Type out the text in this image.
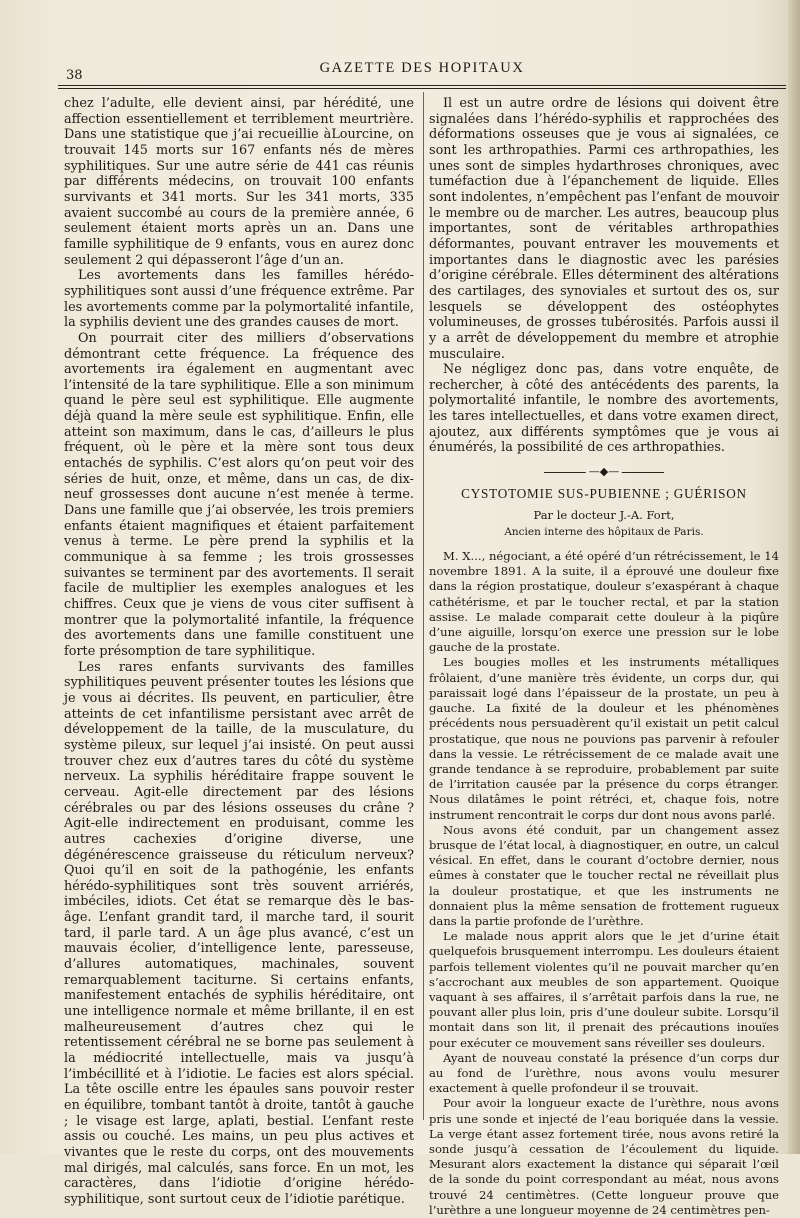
38	GAZETTE DES HOPITAUX

chez l’adulte, elle devient ainsi, par hérédité, une affection essentiellement et terriblement meurtrière. Dans une statistique que j’ai recueillie àLourcine, on trouvait 145 morts sur 167 enfants nés de mères syphilitiques. Sur une autre série de 441 cas réunis par différents médecins, on trouvait 100 enfants survivants et 341 morts. Sur les 341 morts, 335 avaient succombé au cours de la première année, 6 seulement étaient morts après un an. Dans une famille syphilitique de 9 enfants, vous en aurez donc seulement 2 qui dépasseront l’âge d’un an.

Les avortements dans les familles hérédo-syphilitiques sont aussi d’une fréquence extrême. Par les avortements comme par la polymortalité infantile, la syphilis devient une des grandes causes de mort.

On pourrait citer des milliers d’observations démontrant cette fréquence. La fréquence des avortements ira également en augmentant avec l’intensité de la tare syphilitique. Elle a son minimum quand le père seul est syphilitique. Elle augmente déjà quand la mère seule est syphilitique. Enfin, elle atteint son maximum, dans le cas, d’ailleurs le plus fréquent, où le père et la mère sont tous deux entachés de syphilis. C’est alors qu’on peut voir des séries de huit, onze, et même, dans un cas, de dix-neuf grossesses dont aucune n’est menée à terme. Dans une famille que j’ai observée, les trois premiers enfants étaient magnifiques et étaient parfaitement venus à terme. Le père prend la syphilis et la communique à sa femme ; les trois grossesses suivantes se terminent par des avortements. Il serait facile de multiplier les exemples analogues et les chiffres. Ceux que je viens de vous citer suffisent à montrer que la polymortalité infantile, la fréquence des avortements dans une famille constituent une forte présomption de tare syphilitique.

Les rares enfants survivants des familles syphilitiques peuvent présenter toutes les lésions que je vous ai décrites. Ils peuvent, en particulier, être atteints de cet infantilisme persistant avec arrêt de développement de la taille, de la musculature, du système pileux, sur lequel j’ai insisté. On peut aussi trouver chez eux d’autres tares du côté du système nerveux. La syphilis héréditaire frappe souvent le cerveau. Agit-elle directement par des lésions cérébrales ou par des lésions osseuses du crâne ? Agit-elle indirectement en produisant, comme les autres cachexies d’origine diverse, une dégénérescence graisseuse du réticulum nerveux? Quoi qu’il en soit de la pathogénie, les enfants hérédo-syphilitiques sont très souvent arriérés, imbéciles, idiots. Cet état se remarque dès le bas-âge. L’enfant grandit tard, il marche tard, il sourit tard, il parle tard. A un âge plus avancé, c’est un mauvais écolier, d’intelligence lente, paresseuse, d’allures automatiques, machinales, souvent remarquablement taciturne. Si certains enfants, manifestement entachés de syphilis héréditaire, ont une intelligence normale et même brillante, il en est malheureusement d’autres chez qui le retentissement cérébral ne se borne pas seulement à la médiocrité intellectuelle, mais va jusqu’à l’imbécillité et à l’idiotie. Le facies est alors spécial. La tête oscille entre les épaules sans pouvoir rester en équilibre, tombant tantôt à droite, tantôt à gauche ; le visage est large, aplati, bestial. L’enfant reste assis ou couché. Les mains, un peu plus actives et vivantes que le reste du corps, ont des mouvements mal dirigés, mal calculés, sans force. En un mot, les caractères, dans l’idiotie d’origine hérédo-syphilitique, sont surtout ceux de l’idiotie parétique.

Il est un autre ordre de lésions qui doivent être signalées dans l’hérédo-syphilis et rapprochées des déformations osseuses que je vous ai signalées, ce sont les arthropathies. Parmi ces arthropathies, les unes sont de simples hydarthroses chroniques, avec tuméfaction due à l’épanchement de liquide. Elles sont indolentes, n’empêchent pas l’enfant de mouvoir le membre ou de marcher. Les autres, beaucoup plus importantes, sont de véritables arthropathies déformantes, pouvant entraver les mouvements et importantes dans le diagnostic avec les parésies d’origine cérébrale. Elles déterminent des altérations des cartilages, des synoviales et surtout des os, sur lesquels se développent des ostéophytes volumineuses, de grosses tubérosités. Parfois aussi il y a arrêt de développement du membre et atrophie musculaire.

Ne négligez donc pas, dans votre enquête, de rechercher, à côté des antécédents des parents, la polymortalité infantile, le nombre des avortements, les tares intellectuelles, et dans votre examen direct, ajoutez, aux différents symptômes que je vous ai énumérés, la possibilité de ces arthropathies.

—◆—
CYSTOTOMIE SUS-PUBIENNE ; GUÉRISON
Par le docteur J.-A. Fort,
Ancien interne des hôpitaux de Paris.

M. X..., négociant, a été opéré d’un rétrécissement, le 14 novembre 1891. A la suite, il a éprouvé une douleur fixe dans la région prostatique, douleur s’exaspérant à chaque cathétérisme, et par le toucher rectal, et par la station assise. Le malade comparait cette douleur à la piqûre d’une aiguille, lorsqu’on exerce une pression sur le lobe gauche de la prostate.

Les bougies molles et les instruments métalliques frôlaient, d’une manière très évidente, un corps dur, qui paraissait logé dans l’épaisseur de la prostate, un peu à gauche. La fixité de la douleur et les phénomènes précédents nous persuadèrent qu’il existait un petit calcul prostatique, que nous ne pouvions pas parvenir à refouler dans la vessie. Le rétrécissement de ce malade avait une grande tendance à se reproduire, probablement par suite de l’irritation causée par la présence du corps étranger. Nous dilatâmes le point rétréci, et, chaque fois, notre instrument rencontrait le corps dur dont nous avons parlé.

Nous avons été conduit, par un changement assez brusque de l’état local, à diagnostiquer, en outre, un calcul vésical. En effet, dans le courant d’octobre dernier, nous eûmes à constater que le toucher rectal ne réveillait plus la douleur prostatique, et que les instruments ne donnaient plus la même sensation de frottement rugueux dans la partie profonde de l’urèthre.

Le malade nous apprit alors que le jet d’urine était quelquefois brusquement interrompu. Les douleurs étaient parfois tellement violentes qu’il ne pouvait marcher qu’en s’accrochant aux meubles de son appartement. Quoique vaquant à ses affaires, il s’arrêtait parfois dans la rue, ne pouvant aller plus loin, pris d’une douleur subite. Lorsqu’il montait dans son lit, il prenait des précautions inouïes pour exécuter ce mouvement sans réveiller ses douleurs.

Ayant de nouveau constaté la présence d’un corps dur au fond de l’urèthre, nous avons voulu mesurer exactement à quelle profondeur il se trouvait.

Pour avoir la longueur exacte de l’urèthre, nous avons pris une sonde et injecté de l’eau boriquée dans la vessie. La verge étant assez fortement tirée, nous avons retiré la sonde jusqu’à cessation de l’écoulement du liquide. Mesurant alors exactement la distance qui séparait l’œil de la sonde du point correspondant au méat, nous avons trouvé 24 centimètres. (Cette longueur prouve que l’urèthre a une longueur moyenne de 24 centimètres pen-
